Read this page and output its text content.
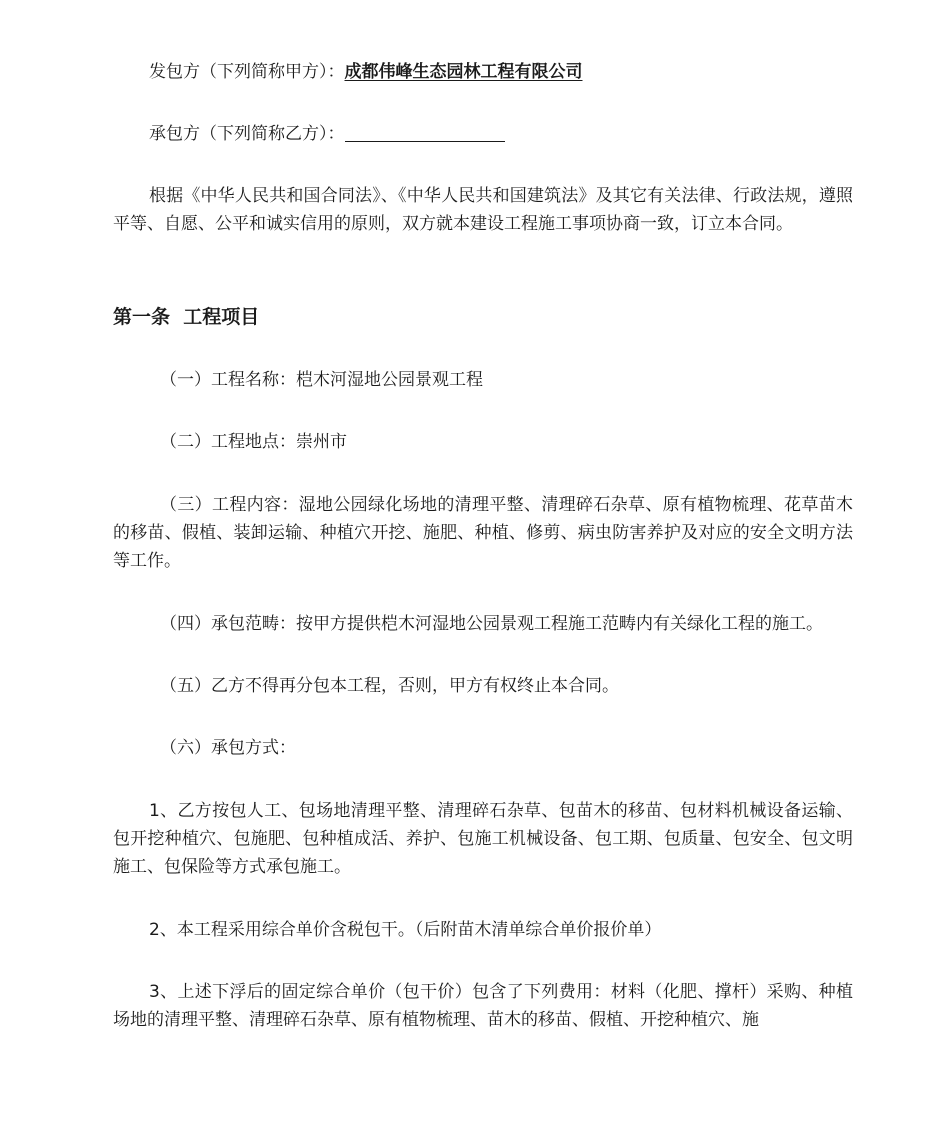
发包方（下列简称甲方）：成都伟峰生态园林工程有限公司
承包方（下列简称乙方）：
根据《中华人民共和国合同法》、《中华人民共和国建筑法》及其它有关法律、行政法规，遵照平等、自愿、公平和诚实信用的原则，双方就本建设工程施工事项协商一致，订立本合同。
第一条  工程项目
（一）工程名称：桤木河湿地公园景观工程
（二）工程地点：崇州市
（三）工程内容：湿地公园绿化场地的清理平整、清理碎石杂草、原有植物梳理、花草苗木的移苗、假植、装卸运输、种植穴开挖、施肥、种植、修剪、病虫防害养护及对应的安全文明方法等工作。
（四）承包范畴：按甲方提供桤木河湿地公园景观工程施工范畴内有关绿化工程的施工。
（五）乙方不得再分包本工程，否则，甲方有权终止本合同。
（六）承包方式：
1、乙方按包人工、包场地清理平整、清理碎石杂草、包苗木的移苗、包材料机械设备运输、包开挖种植穴、包施肥、包种植成活、养护、包施工机械设备、包工期、包质量、包安全、包文明施工、包保险等方式承包施工。
2、本工程采用综合单价含税包干。（后附苗木清单综合单价报价单）
3、上述下浮后的固定综合单价（包干价）包含了下列费用：材料（化肥、撑杆）采购、种植场地的清理平整、清理碎石杂草、原有植物梳理、苗木的移苗、假植、开挖种植穴、施
